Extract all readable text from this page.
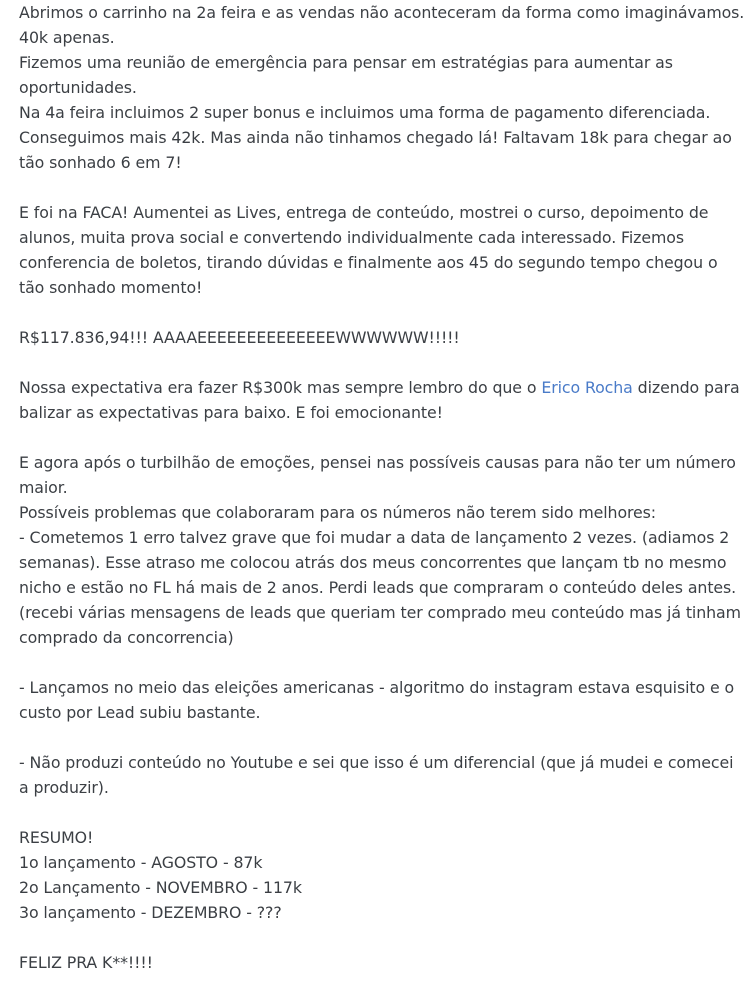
Abrimos o carrinho na 2a feira e as vendas não aconteceram da forma como imaginávamos.
40k apenas.
Fizemos uma reunião de emergência para pensar em estratégias para aumentar as
oportunidades.
Na 4a feira incluimos 2 super bonus e incluimos uma forma de pagamento diferenciada.
Conseguimos mais 42k. Mas ainda não tinhamos chegado lá! Faltavam 18k para chegar ao
tão sonhado 6 em 7!
E foi na FACA! Aumentei as Lives, entrega de conteúdo, mostrei o curso, depoimento de
alunos, muita prova social e convertendo individualmente cada interessado. Fizemos
conferencia de boletos, tirando dúvidas e finalmente aos 45 do segundo tempo chegou o
tão sonhado momento!
R$117.836,94!!! AAAAEEEEEEEEEEEEEEWWWWWW!!!!!
Nossa expectativa era fazer R$300k mas sempre lembro do que o Erico Rocha dizendo para
balizar as expectativas para baixo. E foi emocionante!
E agora após o turbilhão de emoções, pensei nas possíveis causas para não ter um número
maior.
Possíveis problemas que colaboraram para os números não terem sido melhores:
- Cometemos 1 erro talvez grave que foi mudar a data de lançamento 2 vezes. (adiamos 2
semanas). Esse atraso me colocou atrás dos meus concorrentes que lançam tb no mesmo
nicho e estão no FL há mais de 2 anos. Perdi leads que compraram o conteúdo deles antes.
(recebi várias mensagens de leads que queriam ter comprado meu conteúdo mas já tinham
comprado da concorrencia)
- Lançamos no meio das eleições americanas - algoritmo do instagram estava esquisito e o
custo por Lead subiu bastante.
- Não produzi conteúdo no Youtube e sei que isso é um diferencial (que já mudei e comecei
a produzir).
RESUMO!
1o lançamento - AGOSTO - 87k
2o Lançamento - NOVEMBRO - 117k
3o lançamento - DEZEMBRO - ???
FELIZ PRA K**!!!!
